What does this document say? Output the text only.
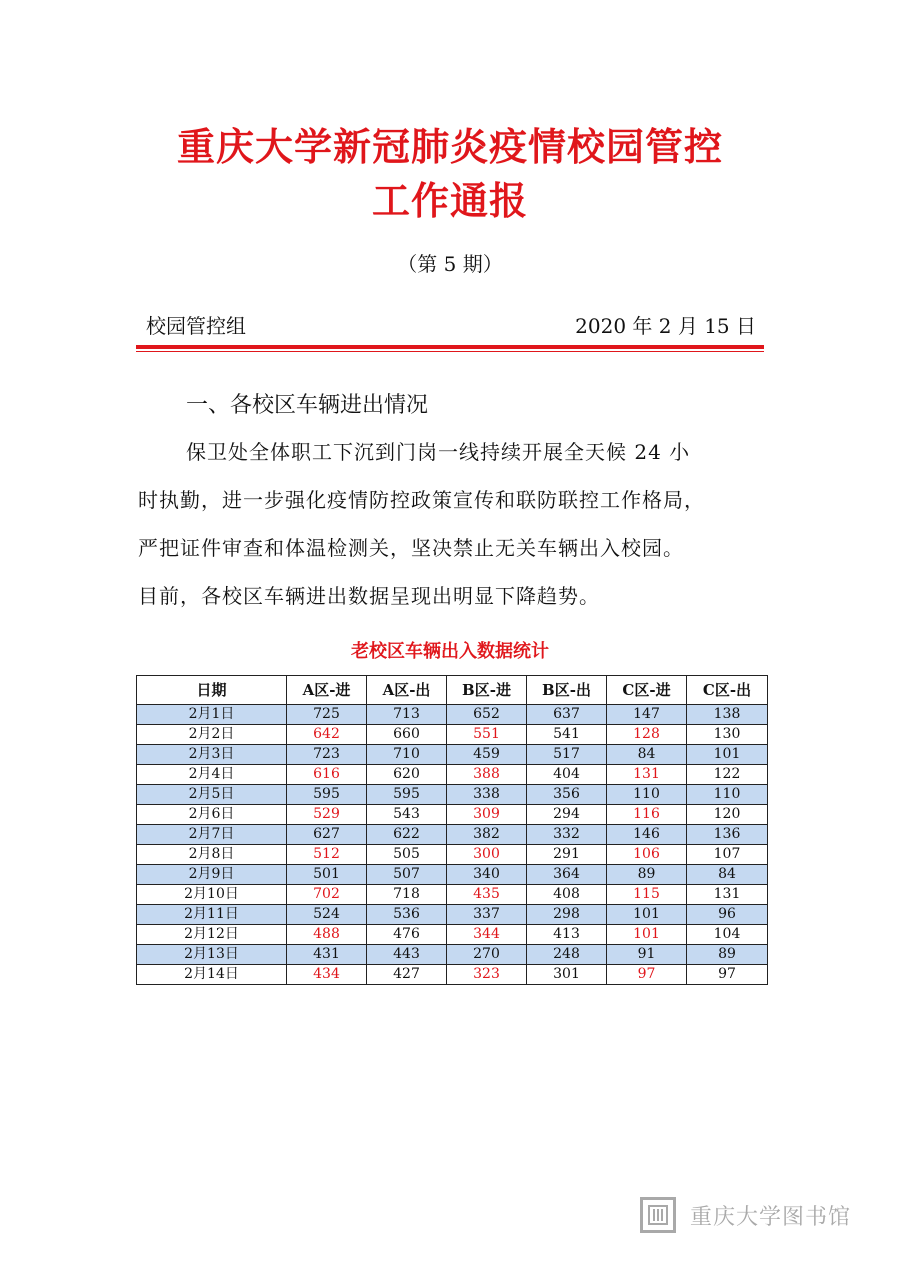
重庆大学新冠肺炎疫情校园管控
工作通报
（第 5 期）
校园管控组	2020 年 2 月 15 日
一、各校区车辆进出情况
保卫处全体职工下沉到门岗一线持续开展全天候 24 小
时执勤，进一步强化疫情防控政策宣传和联防联控工作格局，
严把证件审查和体温检测关，坚决禁止无关车辆出入校园。
目前，各校区车辆进出数据呈现出明显下降趋势。
老校区车辆出入数据统计
日期	A区-进	A区-出	B区-进	B区-出	C区-进	C区-出
2月1日	725	713	652	637	147	138
2月2日	642	660	551	541	128	130
2月3日	723	710	459	517	84	101
2月4日	616	620	388	404	131	122
2月5日	595	595	338	356	110	110
2月6日	529	543	309	294	116	120
2月7日	627	622	382	332	146	136
2月8日	512	505	300	291	106	107
2月9日	501	507	340	364	89	84
2月10日	702	718	435	408	115	131
2月11日	524	536	337	298	101	96
2月12日	488	476	344	413	101	104
2月13日	431	443	270	248	91	89
2月14日	434	427	323	301	97	97
重庆大学图书馆
